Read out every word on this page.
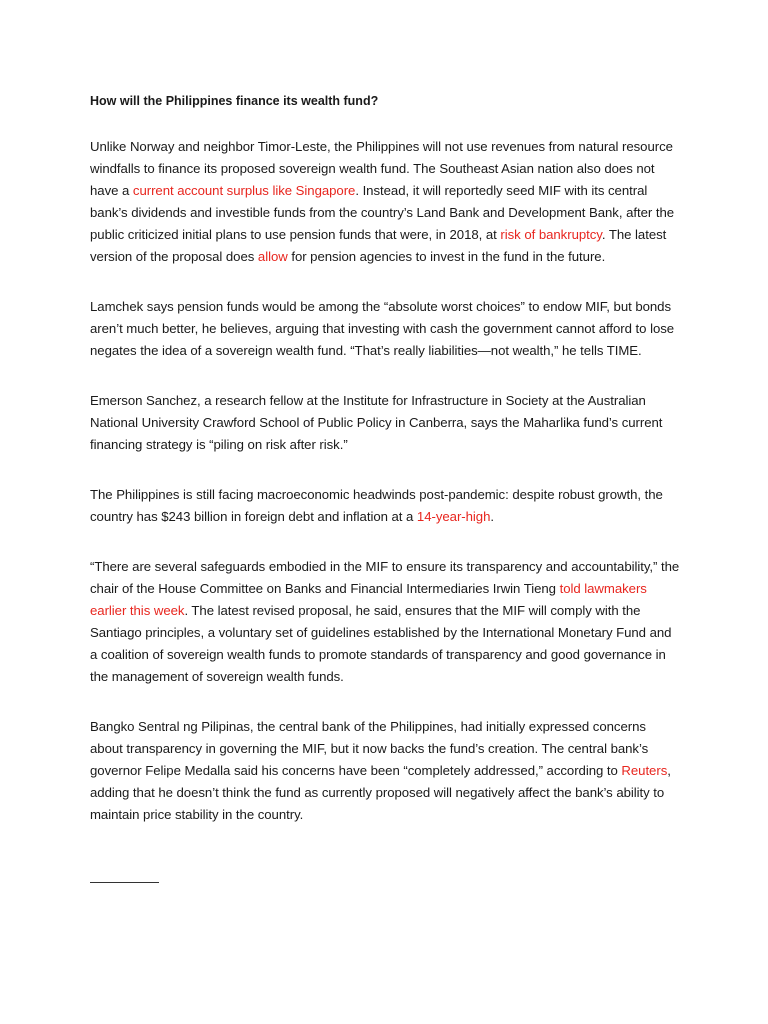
How will the Philippines finance its wealth fund?

Unlike Norway and neighbor Timor-Leste, the Philippines will not use revenues from natural resource windfalls to finance its proposed sovereign wealth fund. The Southeast Asian nation also does not have a current account surplus like Singapore. Instead, it will reportedly seed MIF with its central bank’s dividends and investible funds from the country’s Land Bank and Development Bank, after the public criticized initial plans to use pension funds that were, in 2018, at risk of bankruptcy. The latest version of the proposal does allow for pension agencies to invest in the fund in the future.

Lamchek says pension funds would be among the “absolute worst choices” to endow MIF, but bonds aren’t much better, he believes, arguing that investing with cash the government cannot afford to lose negates the idea of a sovereign wealth fund. “That’s really liabilities—not wealth,” he tells TIME.

Emerson Sanchez, a research fellow at the Institute for Infrastructure in Society at the Australian National University Crawford School of Public Policy in Canberra, says the Maharlika fund’s current financing strategy is “piling on risk after risk.”

The Philippines is still facing macroeconomic headwinds post-pandemic: despite robust growth, the country has $243 billion in foreign debt and inflation at a 14-year-high.

“There are several safeguards embodied in the MIF to ensure its transparency and accountability,” the chair of the House Committee on Banks and Financial Intermediaries Irwin Tieng told lawmakers earlier this week. The latest revised proposal, he said, ensures that the MIF will comply with the Santiago principles, a voluntary set of guidelines established by the International Monetary Fund and a coalition of sovereign wealth funds to promote standards of transparency and good governance in the management of sovereign wealth funds.

Bangko Sentral ng Pilipinas, the central bank of the Philippines, had initially expressed concerns about transparency in governing the MIF, but it now backs the fund’s creation. The central bank’s governor Felipe Medalla said his concerns have been “completely addressed,” according to Reuters, adding that he doesn’t think the fund as currently proposed will negatively affect the bank’s ability to maintain price stability in the country.
